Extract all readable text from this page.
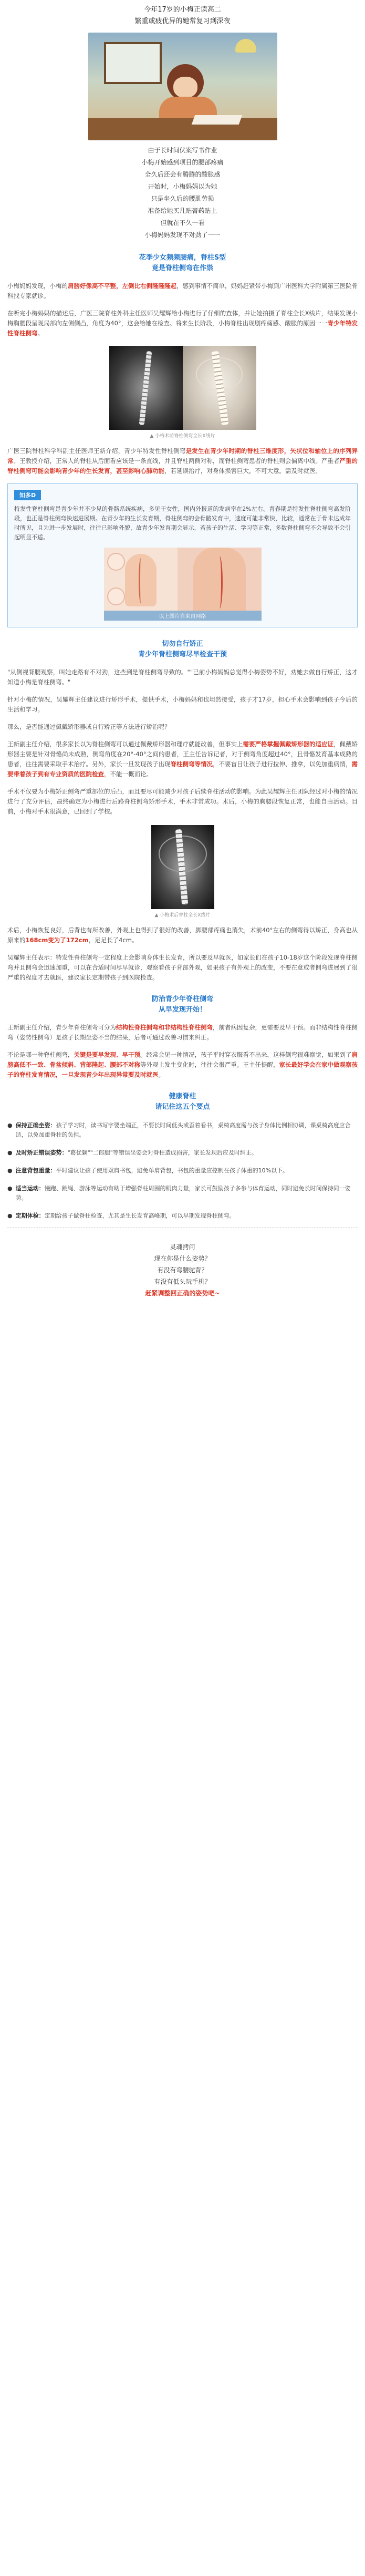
今年17岁的小梅正读高二
繁重或疲优异的她常复习到深夜
由于长时间伏案写书作业
小梅开始感到项目的腰部疼痛
全久后还会有腾腾的酸胀感
开始时，小梅妈妈以为她
只是坐久后的腰肌劳损
准备给她买几贴膏药贴上
但就在不久一看
小梅妈妈发现不对劲了一一
花季少女频频腰痛，脊柱S型
竟是脊柱侧弯在作祟

小梅妈妈发现，小梅的肩膀好像高不平整，左侧比右侧隆隆隆起，感到事情不简单，妈妈赶紧带小梅到广州医科大学附属第三医院骨科找专家就诊。

在听完小梅妈妈的描述后，广医三院脊柱外科主任医师吴耀辉给小梅进行了仔细的查体，并让她拍摄了脊柱全长X线片，结果发现小梅胸腰段呈现局部向左侧侧凸，角度为40°，这会给她在检查、将来生长阶段，小梅脊柱出现剧疼痛感、酸胀的原因一一青少年特发性脊柱侧弯。

▲ 小梅术前脊柱侧弯全长X线片

广医三院脊柱科学科副主任医师王新介绍，青少年特发性脊柱侧弯是发生在青少年时期的脊柱三维度形，矢状位和轴位上的序列异常。王教授介绍，正常人的脊柱从后面看应该是一条直线，并且脊柱两侧对称，而脊柱侧弯患者的脊柱则会偏离中线。严重者严重的脊柱侧弯可能会影响青少年的生长发育，甚至影响心肺功能，若延误治疗，对身体损害巨大，不可大意。需及时就医。

知多D
特发性脊柱侧弯是青少年并不少见的骨骼系统疾病，多见于女性，国内外报道的发病率在2%左右。青春期是特发性脊柱侧弯高发阶段，也正是脊柱侧弯快速进展期。在青少年的生长发育期，脊柱侧弯的会骨骼发育中，速度可能非常快，比较，通常在于骨未达成年时所见，且为进一步发展时，往往已影响外貌，故青少年发育期会显示，若孩子的生活、学习等正常，多数脊柱侧弯不会导致不会引起明显不适。
以上图片自来自网络
切勿自行矫正
青少年脊柱侧弯尽早检查干预

"从侧视背腰观察，叫她走路有不对劲，这些到是脊柱侧弯导致的。""已前小梅妈妈总觉得小梅姿势不好，劝她去做自行矫正，这才知道小梅是脊柱侧弯。"

针对小梅的情况，吴耀辉主任建议进行矫形手术，提供手术，小梅妈妈和也坦然接受，孩子才17岁，担心手术会影响到孩子今后的生活和学习。

那么，是否能通过佩戴矫形器或自行矫正等方法进行矫治呢？

王新副主任介绍，很多家长以为脊柱侧弯可以通过佩戴矫形器和理疗就能改善，但事实上需要严格掌握佩戴矫形器的适应证，佩戴矫形器主要是针对骨骼尚未成熟，侧弯角度在20°-40°之间的患者，王主任告诉记者，对于侧弯角度超过40°，且骨骼发育基本成熟的患者，往往需要采取手术治疗。另外，家长一旦发现孩子出现脊柱侧弯等情况，不要盲目让孩子进行拉伸、推拿，以免加重病情，需要带着孩子到有专业资质的医院检查，不能一概而论。

手术不仅要为小梅矫正侧弯严重部位的后凸，而且要尽可能减少对孩子后续脊柱活动的影响。为此吴耀辉主任团队经过对小梅的情况进行了充分评估，最终确定为小梅进行后路脊柱侧弯矫形手术，手术非常成功。术后，小梅的胸腰段恢复正常，也能自由活动。目前，小梅对手术很满意，已回到了学校。

▲ 小梅术后脊柱全长X线片

术后，小梅恢复良好，后背也有所改善，外观上也得到了很好的改善，脚腰部疼痛也消失，术前40°左右的侧弯得以矫正，身高也从原来的168cm变为了172cm，足足长了4cm。

吴耀辉主任表示：特发性脊柱侧弯一定程度上会影响身体生长发育，所以要及早就医，如家长们在孩子10-18岁这个阶段发现脊柱侧弯并且侧弯会迅速加重，可以在合适时间尽早就诊，观察看孩子背部外观，如果孩子有外观上的改变，不要在意或者侧弯进展到了很严重的程度才去就医，建议家长定期带孩子到医院检查。

防治青少年脊柱侧弯
从早发现开始！

王新副主任介绍，青少年脊柱侧弯可分为结构性脊柱侧弯和非结构性脊柱侧弯，前者病因复杂，更需要及早干预。而非结构性脊柱侧弯（姿势性侧弯）是孩子长期坐姿不当的结果，后者可通过改善习惯来纠正。

不论是哪一种脊柱侧弯，关键是要早发现、早干预。经常会见一种情况，孩子平时穿衣服看不出来，这样侧弯很难察觉，如果到了肩膀高低不一致、骨盆倾斜、背部隆起、腰部不对称等外观上发生变化时，往往会很严重。王主任提醒，家长最好学会在家中做观察孩子的脊柱发育情况，一旦发现青少年出现异常要及时就医。

健康脊柱
请记住这五个要点
● 保持正确坐姿：孩子学习时，读书写字要坐端正，不要长时间低头或歪着看书，桌椅高度需与孩子身体比例相协调，课桌椅高度应合适，以免加重脊柱的负担。
● 及时矫正错误姿势："葛优躺""二郎腿"等错误坐姿会对脊柱造成损害，家长发现后应及时纠正。
● 注意背包重量：平时建议让孩子使用双肩书包，避免单肩背包，书包的重量应控制在孩子体重的10%以下。
● 适当运动：慢跑、跳绳、游泳等运动有助于增强脊柱周围的肌肉力量，家长可鼓励孩子多参与体育运动，同时避免长时间保持同一姿势。
● 定期体检：定期给孩子做脊柱检查，尤其是生长发育高峰期，可以早期发现脊柱侧弯。
灵魂拷问
现在你是什么姿势？
有没有弯腰驼背？
有没有低头玩手机？
赶紧调整回正确的姿势吧~
